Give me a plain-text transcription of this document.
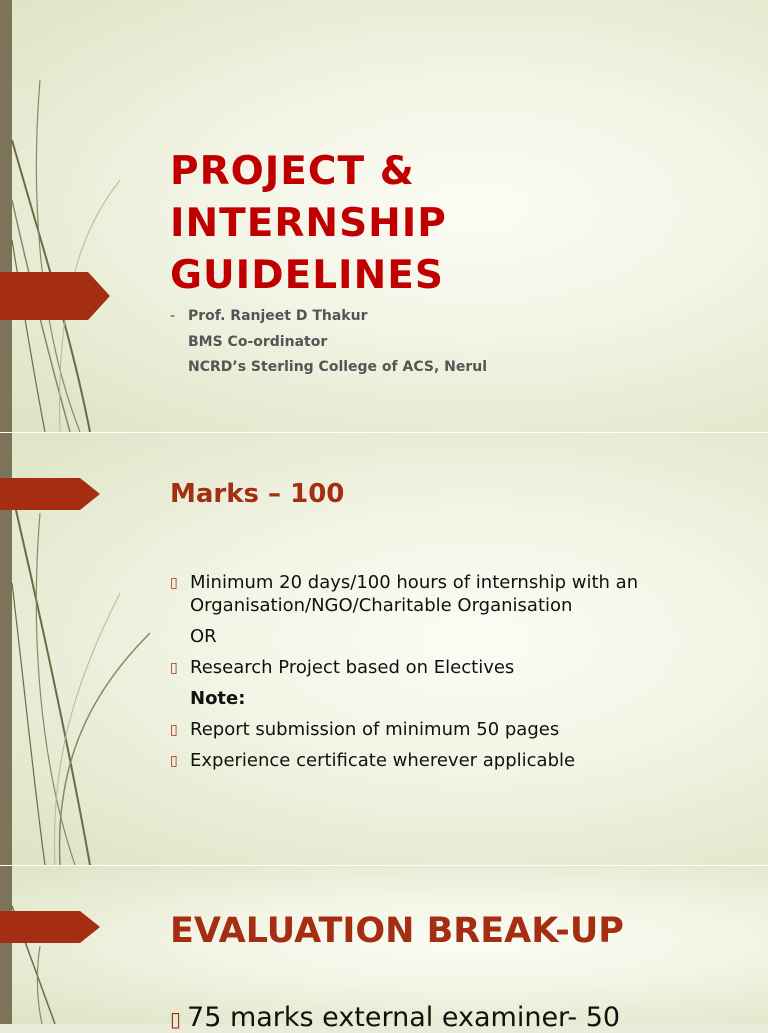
PROJECT &
INTERNSHIP
GUIDELINES
- Prof. Ranjeet D Thakur
BMS Co-ordinator
NCRD’s Sterling College of ACS, Nerul
Marks – 100
▯ Minimum 20 days/100 hours of internship with an Organisation/NGO/Charitable Organisation
OR
▯ Research Project based on Electives
Note:
▯ Report submission of minimum 50 pages
▯ Experience certificate wherever applicable
EVALUATION BREAK-UP
▯ 75 marks external examiner- 50
